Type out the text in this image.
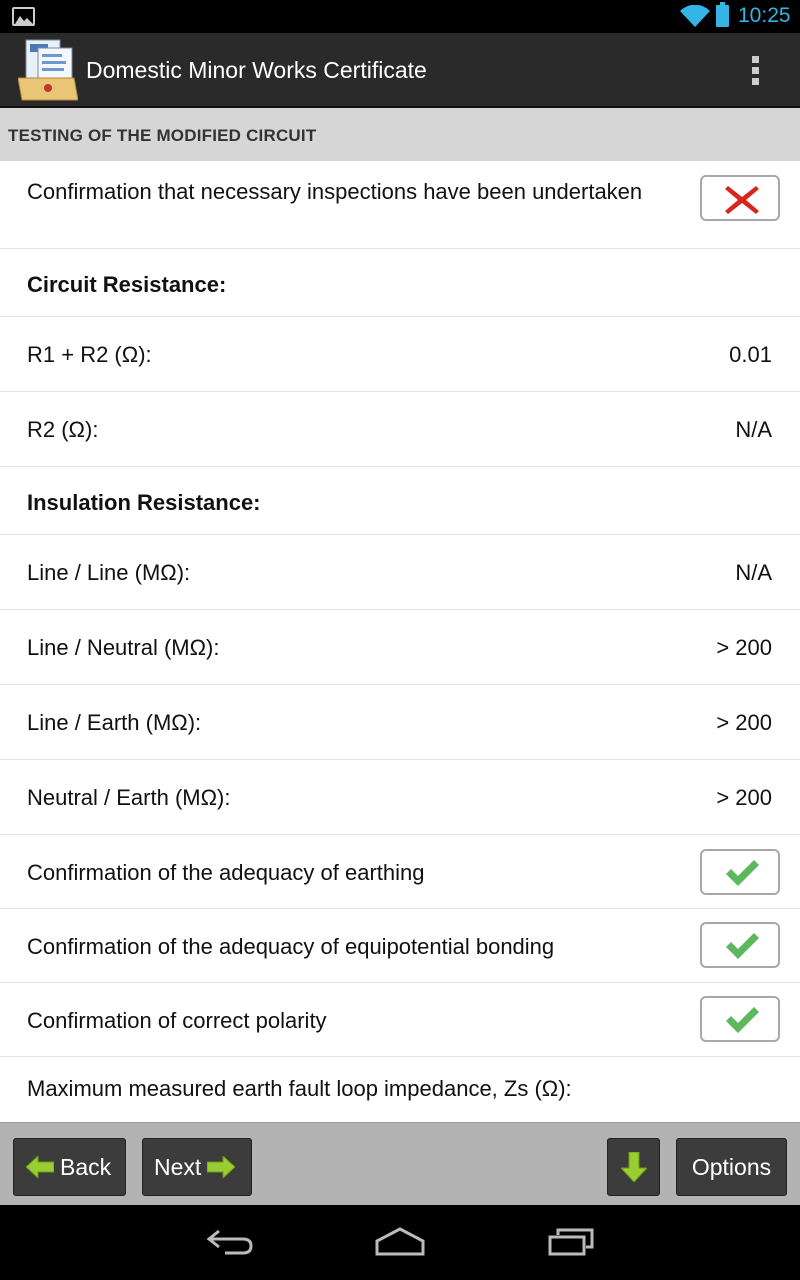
10:25
Domestic Minor Works Certificate
TESTING OF THE MODIFIED CIRCUIT
Confirmation that necessary inspections have been undertaken
Circuit Resistance:
R1 + R2 (Ω):	0.01
R2 (Ω):	N/A
Insulation Resistance:
Line / Line (MΩ):	N/A
Line / Neutral (MΩ):	> 200
Line / Earth (MΩ):	> 200
Neutral / Earth (MΩ):	> 200
Confirmation of the adequacy of earthing
Confirmation of the adequacy of equipotential bonding
Confirmation of correct polarity
Maximum measured earth fault loop impedance, Zs (Ω):
Back Next	Options
